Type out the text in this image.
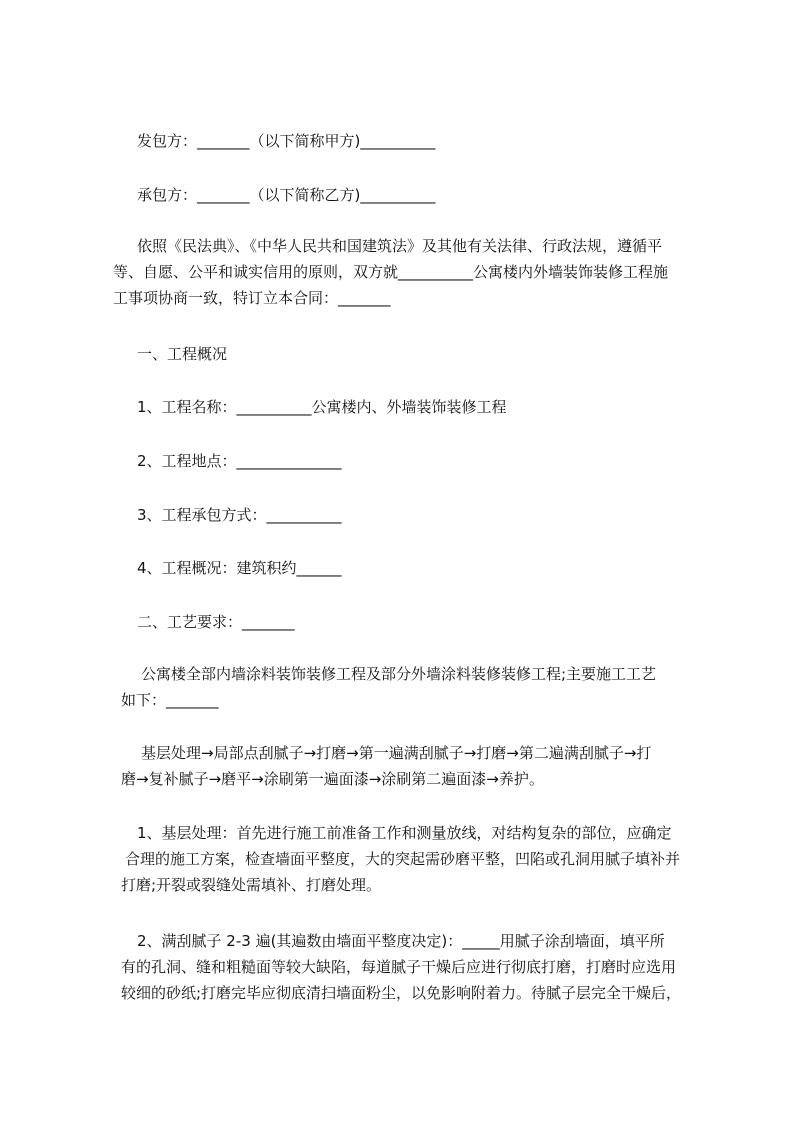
发包方：_______（以下简称甲方)__________
承包方：_______（以下简称乙方)__________
依照《民法典》、《中华人民共和国建筑法》及其他有关法律、行政法规，遵循平
等、自愿、公平和诚实信用的原则，双方就__________公寓楼内外墙装饰装修工程施
工事项协商一致，特订立本合同：_______
一、工程概况
1、工程名称：__________公寓楼内、外墙装饰装修工程
2、工程地点：______________
3、工程承包方式：__________
4、工程概况：建筑积约______
二、工艺要求：_______
公寓楼全部内墙涂料装饰装修工程及部分外墙涂料装修装修工程;主要施工工艺
如下：_______
基层处理→局部点刮腻子→打磨→第一遍满刮腻子→打磨→第二遍满刮腻子→打
磨→复补腻子→磨平→涂刷第一遍面漆→涂刷第二遍面漆→养护。
1、基层处理：首先进行施工前准备工作和测量放线，对结构复杂的部位，应确定
合理的施工方案，检查墙面平整度，大的突起需砂磨平整，凹陷或孔洞用腻子填补并
打磨;开裂或裂缝处需填补、打磨处理。
2、满刮腻子 2-3 遍(其遍数由墙面平整度决定)：_____用腻子涂刮墙面，填平所
有的孔洞、缝和粗糙面等较大缺陷，每道腻子干燥后应进行彻底打磨，打磨时应选用
较细的砂纸;打磨完毕应彻底清扫墙面粉尘，以免影响附着力。待腻子层完全干燥后，
